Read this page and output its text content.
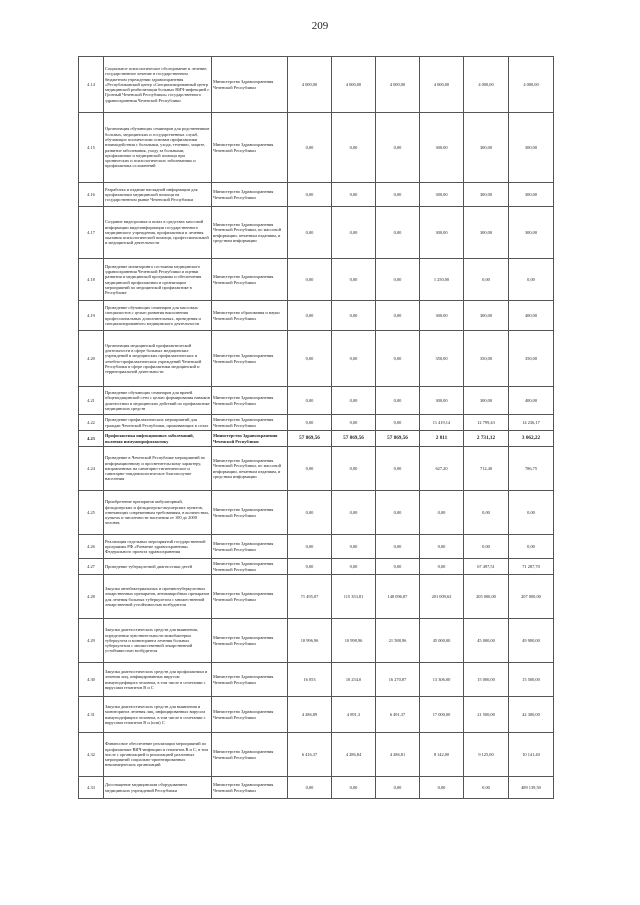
209
4.14	Социальное психологическое обследование и лечение, государственное лечение в государственном бюджетном учреждении здравоохранения «Республиканский центр «Специализированный центр медицинской реабилитации больных ВИЧ-инфекцией г. Грозный Чеченской Республики» государственного здравоохранения Чеченской Республики	Министерство Здравоохранения Чеченской Республики	4 000,00	4 000,00	4 000,00	4 000,00	4 000,00	4 000,00
4.15	Организация обучающих семинаров для родственников больных, медицинских и государственных служб, обучающих психическим основам профилактики взаимодействия с больными, ухода, течению, защите, развитие заболевания, уходу за больными, профилактике и медицинской помощи при хронических и психологических заболеваниях и профилактика осложнений	Министерство Здравоохранения Чеченской Республики	0,00	0,00	0,00	300,00	300,00	300,00
4.16	Разработка и издание наглядной информации для профилактики медицинской помощи на государственном рынке Чеченской Республики	Министерство Здравоохранения Чеченской Республики	0,00	0,00	0,00	300,00	300,00	300,00
4.17	Создание видеоролика и показ в средствах массовой информации видеоинформации государственного медицинского учреждения, профилактики и лечения оказания психологической помощи, профессиональной и медицинской деятельности	Министерство Здравоохранения Чеченской Республики, по массовой информации, печатным изданиям, и средствам информации	0,00	0,00	0,00	300,00	300,00	300,00
4.18	Проведение мониторинга состояния медицинского здравоохранения Чеченской Республики и оценки развития и медицинской программы и обеспечения медицинской профилактики и организации мероприятий по медицинской профилактике в Республике	Министерство Здравоохранения Чеченской Республики	0,00	0,00	0,00	1 250,00	0,00	0,00
4.19	Проведение обучающих семинаров для массовых специалистов с целью развития выполнения профессиональных дополнительных, проведения и специализированного медицинского деятельности	Министерство образования и науки Чеченской Республики	0,00	0,00	0,00	300,00	300,00	400,00
4.20	Организация медицинской профилактической деятельности в сфере больных медицинских учреждений и медицинских профилактических и лечебно-профилактических учреждений Чеченской Республики в сфере профилактики медицинской и территориальной деятельности	Министерство Здравоохранения Чеченской Республики	0,00	0,00	0,00	350,00	350,00	350,00
4.21	Проведение обучающих семинаров для врачей общемедицинской сети с целью формирования навыков диагностики и медицинских действий по профилактике медицинских средств	Министерство Здравоохранения Чеченской Республики	0,00	0,00	0,00	300,00	300,00	400,00
4.22	Проведение профилактических мероприятий для граждан Чеченской Республики, проживающих в селах	Министерство Здравоохранения Чеченской Республики	0,00	0,00	0,00	11 419,14	12 799,43	14 236,17
4.23	Профилактика инфекционных заболеваний, включая иммунопрофилактику	Министерство Здравоохранения Чеченской Республики	57 869,56	57 869,56	57 869,56	2 811	2 731,12	3 062,22
4.24	Проведение в Чеченской Республике мероприятий по информационному и просветительскому характеру, направленных на санитарно-гигиеническое и санитарно-эпидемиологическое благополучие населения	Министерство Здравоохранения Чеченской Республики, по массовой информации, печатным изданиям, и средствам информации	0,00	0,00	0,00	627,20	712,40	786,75
4.25	Приобретение препаратов амбулаторный, фельдшерских и фельдшерско-акушерских пунктов, отвечающих современным требованиям, в количествах, пунктах и численности населения от 100 до 2000 человек	Министерство Здравоохранения Чеченской Республики	0,00	0,00	0,00	0,00	0,00	0,00
4.26	Реализация отдельных мероприятий государственной программы РФ «Развитие здравоохранения» Федерального проекта здравоохранения	Министерство Здравоохранения Чеченской Республики	0,00	0,00	0,00	0,00	0,00	0,00
4.27	Проведение туберкулезной диагностики детей	Министерство Здравоохранения Чеченской Республики	0,00	0,00	0,00	0,00	67 497,51	71 287,70
4.28	Закупка антибактериальных и противотуберкулезных лекарственных препаратов, антимикробных препаратов для лечения больных туберкулезом с множественной лекарственной устойчивостью возбудителя	Министерство Здравоохранения Чеченской Республики	71 495,07	115 353,81	148 096,87	201 009,63	205 000,00	207 000,00
4.29	Закупка диагностических средств для выявления, определения чувствительности микобактерии туберкулеза и мониторинга лечения больных туберкулезом с множественной лекарственной устойчивостью возбудителя	Министерство Здравоохранения Чеченской Республики	10 996,96	10 998,96	21 588,96	45 000,00	45 000,00	49 900,00
4.30	Закупка диагностических средств для профилактики и лечения лиц, инфицированных вирусом иммунодефицита человека, в том числе в сочетании с вирусами гепатитов В и С	Министерство Здравоохранения Чеченской Республики	16 053	10 254,0	16 270,87	13 306,00	15 000,00	15 500,00
4.31	Закупка диагностических средств для выявления и мониторинга лечения лиц, инфицированных вирусом иммунодефицита человека, в том числе в сочетании с вирусами гепатитов В и (или) С	Министерство Здравоохранения Чеченской Республики	4 286,89	4 891,3	6 491,37	17 000,00	21 500,00	42 300,00
4.32	Финансовое обеспечение реализации мероприятий по профилактике ВИЧ-инфекции и гепатитов В и С, в том числе с организацией и реализацией различных мероприятий социально-ориентированных некоммерческих организаций	Министерство Здравоохранения Чеченской Республики	6 416,37	4 286,84	4 286,81	8 142,00	9 125,00	10 141,40
4.33	Дооснащение медицинским оборудованием медицинских учреждений Республики	Министерство Здравоохранения Чеченской Республики	0,00	0,00	0,00	0,00	0,00	489 139,50
